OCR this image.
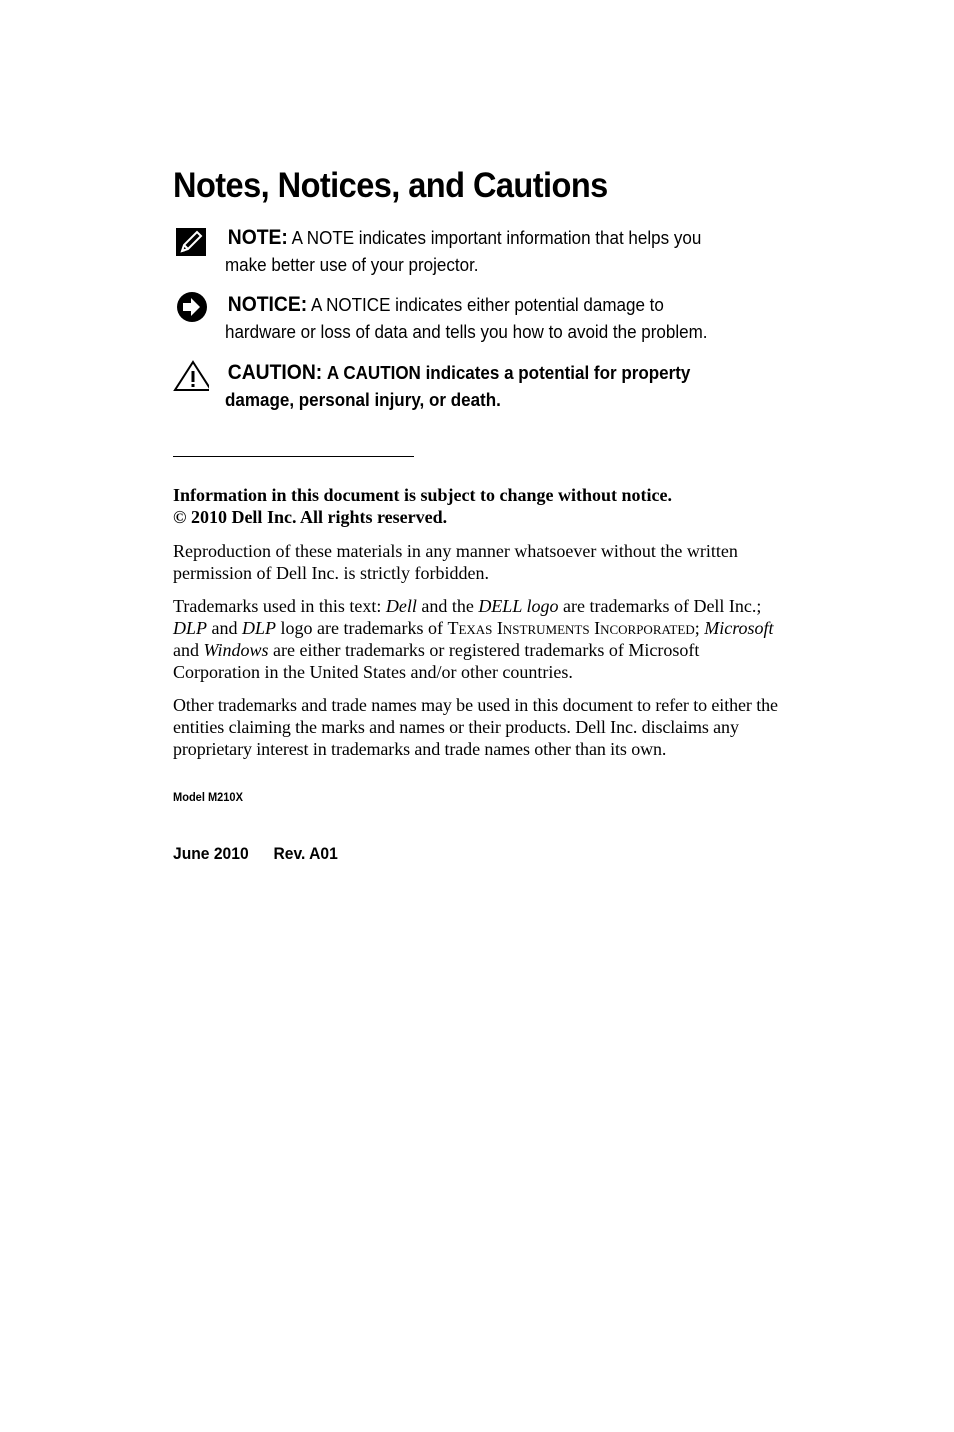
Notes, Notices, and Cautions
NOTE: A NOTE indicates important information that helps you
make better use of your projector.
NOTICE: A NOTICE indicates either potential damage to
hardware or loss of data and tells you how to avoid the problem.
CAUTION: A CAUTION indicates a potential for property
damage, personal injury, or death.
Information in this document is subject to change without notice.
© 2010 Dell Inc. All rights reserved.

Reproduction of these materials in any manner whatsoever without the written permission of Dell Inc. is strictly forbidden.

Trademarks used in this text: Dell and the DELL logo are trademarks of Dell Inc.; DLP and DLP logo are trademarks of Texas Instruments Incorporated; Microsoft and Windows are either trademarks or registered trademarks of Microsoft Corporation in the United States and/or other countries.

Other trademarks and trade names may be used in this document to refer to either the entities claiming the marks and names or their products. Dell Inc. disclaims any proprietary interest in trademarks and trade names other than its own.

Model M210X
June 2010 Rev. A01
